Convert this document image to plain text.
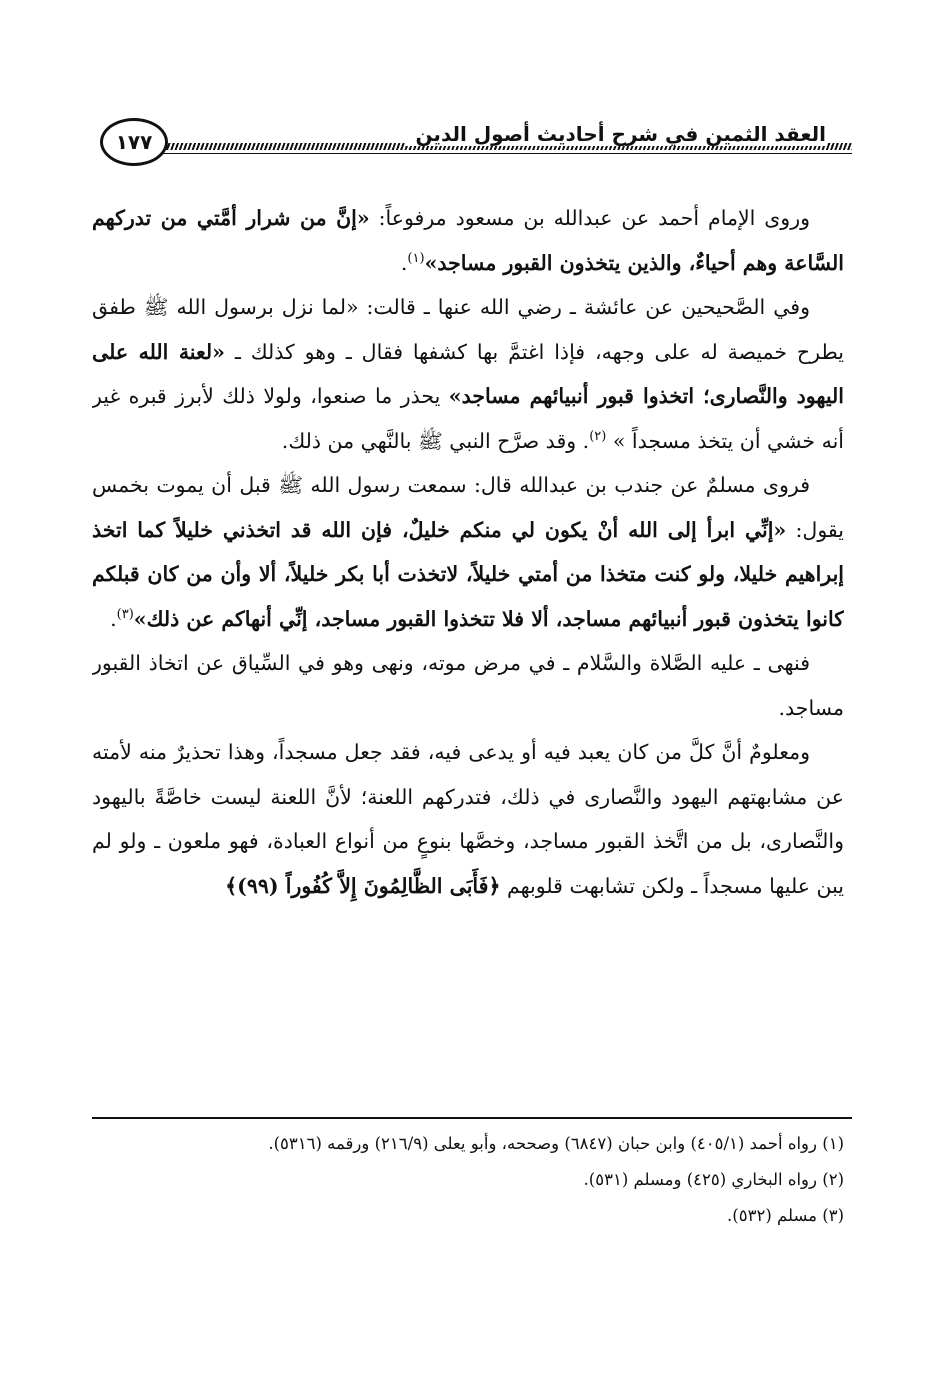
١٧٧	العقد الثمين في شرح أحاديث أصول الدين

وروى الإمام أحمد عن عبدالله بن مسعود مرفوعاً: «إنَّ من شرار أمَّتي من تدركهم السَّاعة وهم أحياءٌ، والذين يتخذون القبور مساجد»$^{(١)}$.

وفي الصَّحيحين عن عائشة ـ رضي الله عنها ـ قالت: «لما نزل برسول الله ﷺ طفق يطرح خميصة له على وجهه، فإذا اغتمَّ بها كشفها فقال ـ وهو كذلك ـ «لعنة الله على اليهود والنَّصارى؛ اتخذوا قبور أنبيائهم مساجد» يحذر ما صنعوا، ولولا ذلك لأبرز قبره غير أنه خشي أن يتخذ مسجداً » $^{(٢)}$. وقد صرَّح النبي ﷺ بالنَّهي من ذلك.

فروى مسلمٌ عن جندب بن عبدالله قال: سمعت رسول الله ﷺ قبل أن يموت بخمس يقول: «إنِّي ابرأ إلى الله أنْ يكون لي منكم خليلٌ، فإن الله قد اتخذني خليلاً كما اتخذ إبراهيم خليلا، ولو كنت متخذا من أمتي خليلاً، لاتخذت أبا بكر خليلاً، ألا وأن من كان قبلكم كانوا يتخذون قبور أنبيائهم مساجد، ألا فلا تتخذوا القبور مساجد، إنِّي أنهاكم عن ذلك»$^{(٣)}$.

فنهى ـ عليه الصَّلاة والسَّلام ـ في مرض موته، ونهى وهو في السِّياق عن اتخاذ القبور مساجد.

ومعلومٌ أنَّ كلَّ من كان يعبد فيه أو يدعى فيه، فقد جعل مسجداً، وهذا تحذيرٌ منه لأمته عن مشابهتهم اليهود والنَّصارى في ذلك، فتدركهم اللعنة؛ لأنَّ اللعنة ليست خاصَّةً باليهود والنَّصارى، بل من اتَّخذ القبور مساجد، وخصَّها بنوعٍ من أنواع العبادة، فهو ملعون ـ ولو لم يبن عليها مسجداً ـ ولكن تشابهت قلوبهم ﴿فَأَبَى الظَّالِمُونَ إِلاَّ كُفُوراً (٩٩)﴾

(١) رواه أحمد (٤٠٥/١) وابن حبان (٦٨٤٧) وصححه، وأبو يعلى (٢١٦/٩) ورقمه (٥٣١٦).

(٢) رواه البخاري (٤٢٥) ومسلم (٥٣١).

(٣) مسلم (٥٣٢).
